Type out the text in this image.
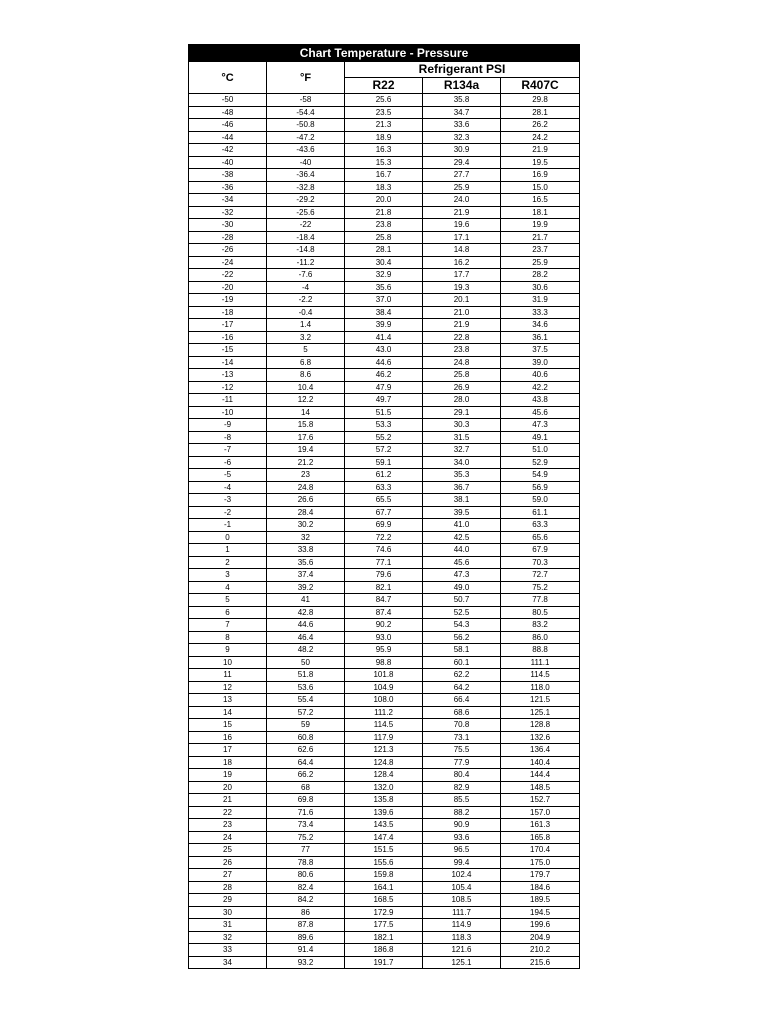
Chart Temperature - Pressure				
°C	°F	Refrigerant PSI		
		R22	R134a	R407C
-50	-58	25.6	35.8	29.8
-48	-54.4	23.5	34.7	28.1
-46	-50.8	21.3	33.6	26.2
-44	-47.2	18.9	32.3	24.2
-42	-43.6	16.3	30.9	21.9
-40	-40	15.3	29.4	19.5
-38	-36.4	16.7	27.7	16.9
-36	-32.8	18.3	25.9	15.0
-34	-29.2	20.0	24.0	16.5
-32	-25.6	21.8	21.9	18.1
-30	-22	23.8	19.6	19.9
-28	-18.4	25.8	17.1	21.7
-26	-14.8	28.1	14.8	23.7
-24	-11.2	30.4	16.2	25.9
-22	-7.6	32.9	17.7	28.2
-20	-4	35.6	19.3	30.6
-19	-2.2	37.0	20.1	31.9
-18	-0.4	38.4	21.0	33.3
-17	1.4	39.9	21.9	34.6
-16	3.2	41.4	22.8	36.1
-15	5	43.0	23.8	37.5
-14	6.8	44.6	24.8	39.0
-13	8.6	46.2	25.8	40.6
-12	10.4	47.9	26.9	42.2
-11	12.2	49.7	28.0	43.8
-10	14	51.5	29.1	45.6
-9	15.8	53.3	30.3	47.3
-8	17.6	55.2	31.5	49.1
-7	19.4	57.2	32.7	51.0
-6	21.2	59.1	34.0	52.9
-5	23	61.2	35.3	54.9
-4	24.8	63.3	36.7	56.9
-3	26.6	65.5	38.1	59.0
-2	28.4	67.7	39.5	61.1
-1	30.2	69.9	41.0	63.3
0	32	72.2	42.5	65.6
1	33.8	74.6	44.0	67.9
2	35.6	77.1	45.6	70.3
3	37.4	79.6	47.3	72.7
4	39.2	82.1	49.0	75.2
5	41	84.7	50.7	77.8
6	42.8	87.4	52.5	80.5
7	44.6	90.2	54.3	83.2
8	46.4	93.0	56.2	86.0
9	48.2	95.9	58.1	88.8
10	50	98.8	60.1	111.1
11	51.8	101.8	62.2	114.5
12	53.6	104.9	64.2	118.0
13	55.4	108.0	66.4	121.5
14	57.2	111.2	68.6	125.1
15	59	114.5	70.8	128.8
16	60.8	117.9	73.1	132.6
17	62.6	121.3	75.5	136.4
18	64.4	124.8	77.9	140.4
19	66.2	128.4	80.4	144.4
20	68	132.0	82.9	148.5
21	69.8	135.8	85.5	152.7
22	71.6	139.6	88.2	157.0
23	73.4	143.5	90.9	161.3
24	75.2	147.4	93.6	165.8
25	77	151.5	96.5	170.4
26	78.8	155.6	99.4	175.0
27	80.6	159.8	102.4	179.7
28	82.4	164.1	105.4	184.6
29	84.2	168.5	108.5	189.5
30	86	172.9	111.7	194.5
31	87.8	177.5	114.9	199.6
32	89.6	182.1	118.3	204.9
33	91.4	186.8	121.6	210.2
34	93.2	191.7	125.1	215.6
